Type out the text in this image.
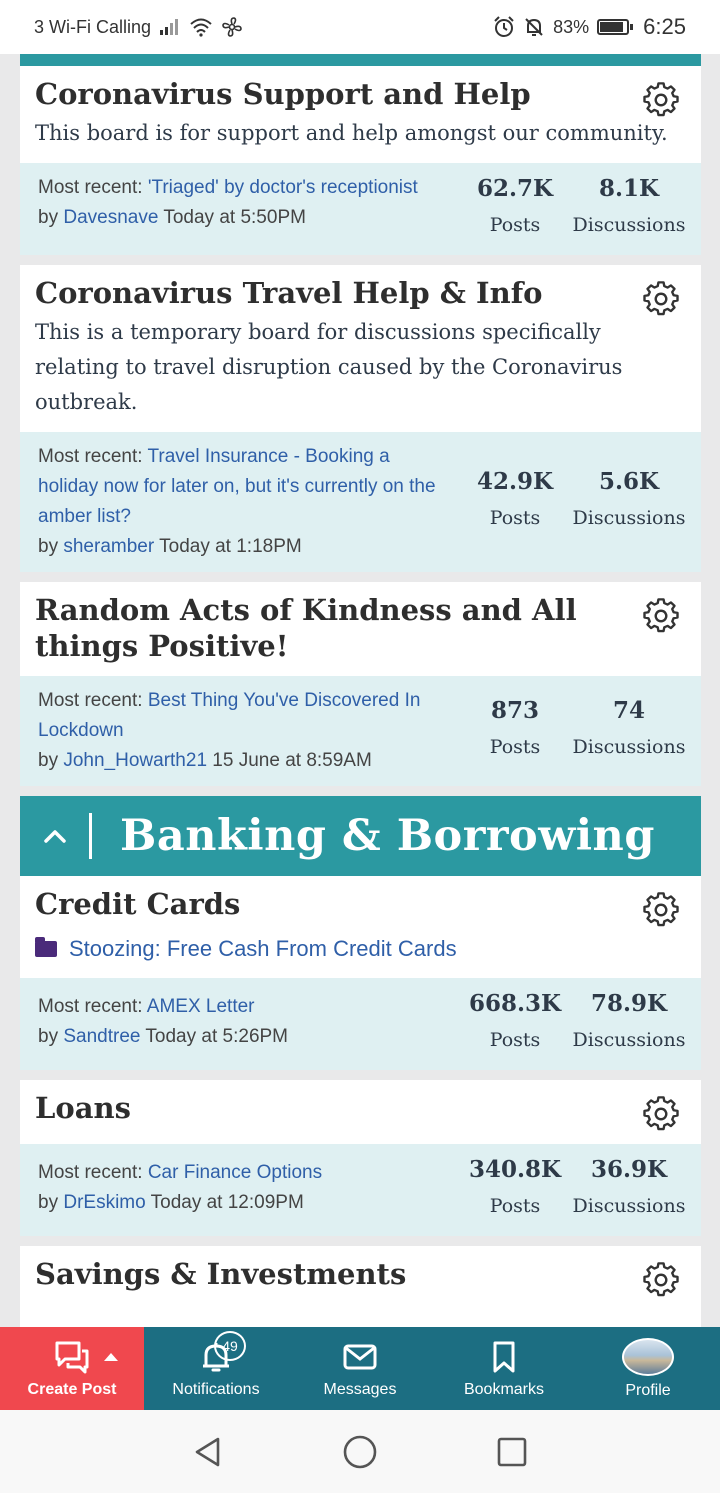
3 Wi-Fi Calling	83% 6:25
Coronavirus Support and Help
This board is for support and help amongst our community.
Most recent: 'Triaged' by doctor's receptionist
by Davesnave Today at 5:50PM
62.7K
Posts
8.1K
Discussions
Coronavirus Travel Help & Info
This is a temporary board for discussions specifically relating to travel disruption caused by the Coronavirus outbreak.
Most recent: Travel Insurance - Booking a holiday now for later on, but it's currently on the amber list?
by sheramber Today at 1:18PM
42.9K
Posts
5.6K
Discussions
Random Acts of Kindness and All things Positive!
Most recent: Best Thing You've Discovered In Lockdown
by John_Howarth21 15 June at 8:59AM
873
Posts
74
Discussions
Banking & Borrowing
Credit Cards
Stoozing: Free Cash From Credit Cards
Most recent: AMEX Letter
by Sandtree Today at 5:26PM
668.3K
Posts
78.9K
Discussions
Loans
Most recent: Car Finance Options
by DrEskimo Today at 12:09PM
340.8K
Posts
36.9K
Discussions
Savings & Investments
Create Post
49
Notifications	Messages	Bookmarks	Profile
